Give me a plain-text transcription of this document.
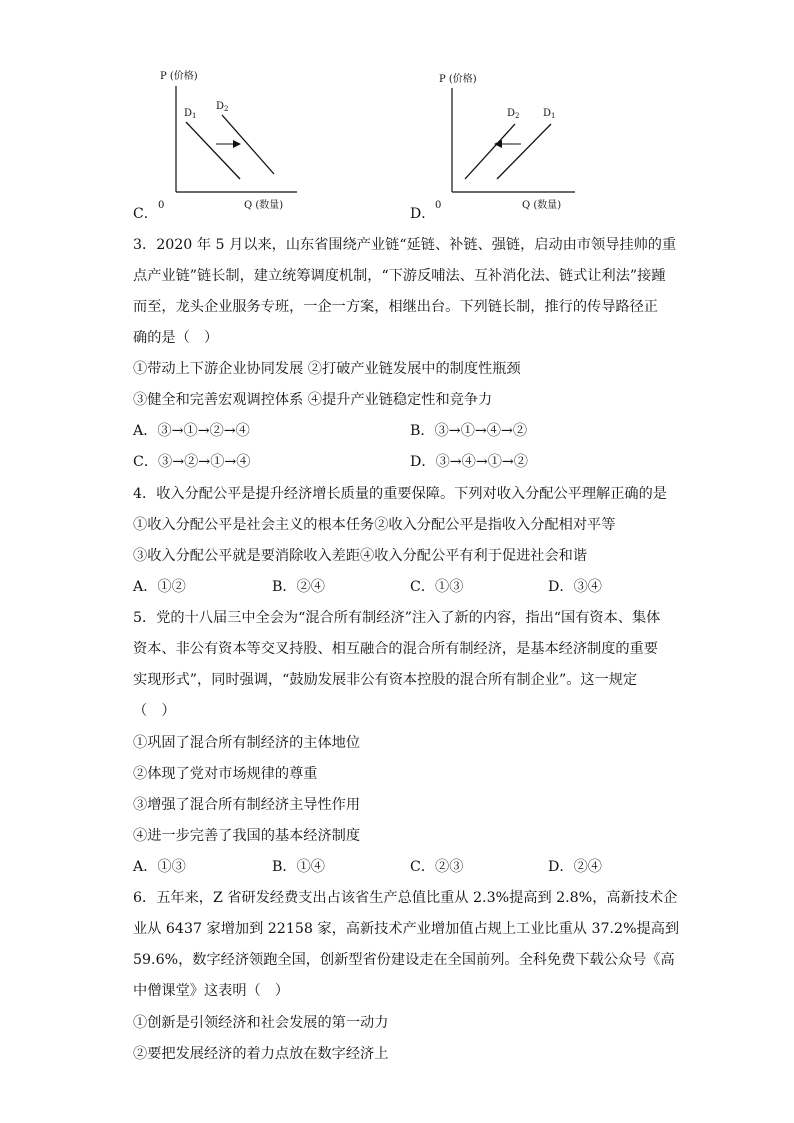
P (价格)
0	Q (数量)
$D_1$
$D_2$
C．
P (价格)
0	Q (数量)
$D_2$ $D_1$
D．
3．2020 年 5 月以来，山东省围绕产业链“延链、补链、强链，启动由市领导挂帅的重
点产业链”链长制，建立统筹调度机制，“下游反哺法、互补消化法、链式让利法”接踵
而至，龙头企业服务专班，一企一方案，相继出台。下列链长制，推行的传导路径正
确的是（　）
①带动上下游企业协同发展 ②打破产业链发展中的制度性瓶颈
③健全和完善宏观调控体系 ④提升产业链稳定性和竞争力
A．③→①→②→④	B．③→①→④→②
C．③→②→①→④	D．③→④→①→②
4．收入分配公平是提升经济增长质量的重要保障。下列对收入分配公平理解正确的是
①收入分配公平是社会主义的根本任务②收入分配公平是指收入分配相对平等
③收入分配公平就是要消除收入差距④收入分配公平有利于促进社会和谐
A．①②	B．②④	C．①③	D．③④
5．党的十八届三中全会为“混合所有制经济”注入了新的内容，指出“国有资本、集体
资本、非公有资本等交叉持股、相互融合的混合所有制经济，是基本经济制度的重要
实现形式”，同时强调，“鼓励发展非公有资本控股的混合所有制企业”。这一规定
（　）
①巩固了混合所有制经济的主体地位
②体现了党对市场规律的尊重
③增强了混合所有制经济主导性作用
④进一步完善了我国的基本经济制度
A．①③	B．①④	C．②③	D．②④
6．五年来，Z 省研发经费支出占该省生产总值比重从 2.3%提高到 2.8%，高新技术企
业从 6437 家增加到 22158 家，高新技术产业增加值占规上工业比重从 37.2%提高到
59.6%，数字经济领跑全国，创新型省份建设走在全国前列。全科免费下载公众号《高
中僧课堂》这表明（　）
①创新是引领经济和社会发展的第一动力
②要把发展经济的着力点放在数字经济上
